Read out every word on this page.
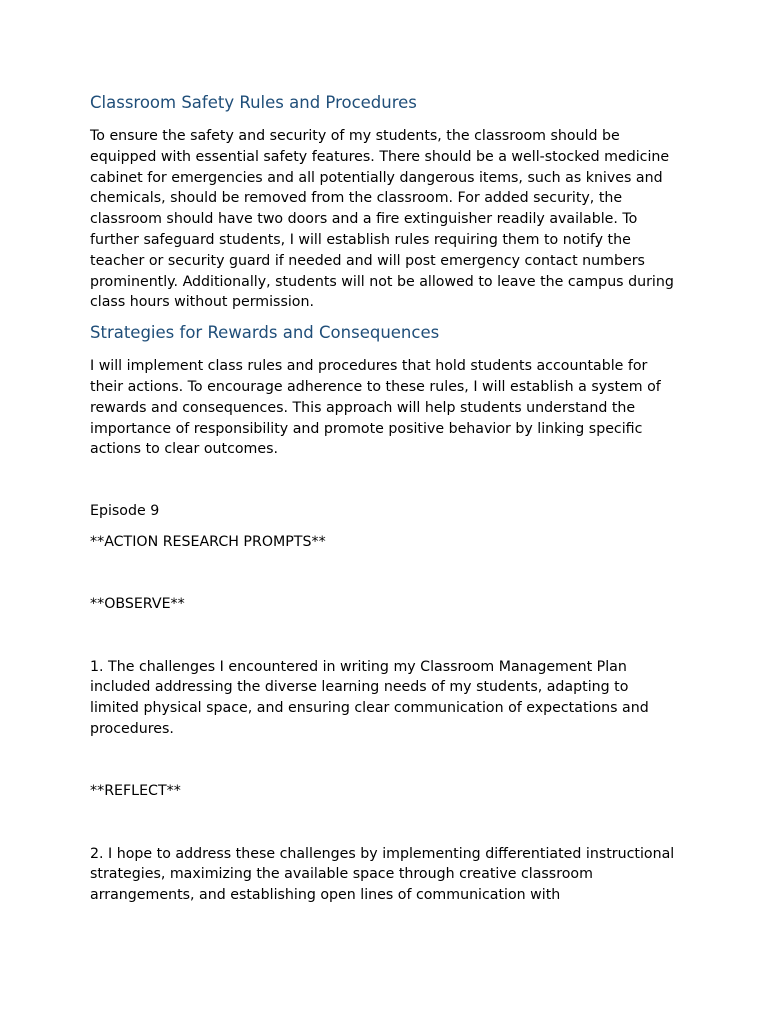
Classroom Safety Rules and Procedures

To ensure the safety and security of my students, the classroom should be equipped with essential safety features. There should be a well-stocked medicine cabinet for emergencies and all potentially dangerous items, such as knives and chemicals, should be removed from the classroom. For added security, the classroom should have two doors and a fire extinguisher readily available. To further safeguard students, I will establish rules requiring them to notify the teacher or security guard if needed and will post emergency contact numbers prominently. Additionally, students will not be allowed to leave the campus during class hours without permission.

Strategies for Rewards and Consequences

I will implement class rules and procedures that hold students accountable for their actions. To encourage adherence to these rules, I will establish a system of rewards and consequences. This approach will help students understand the importance of responsibility and promote positive behavior by linking specific actions to clear outcomes.

Episode 9

**ACTION RESEARCH PROMPTS**

**OBSERVE**

1. The challenges I encountered in writing my Classroom Management Plan included addressing the diverse learning needs of my students, adapting to limited physical space, and ensuring clear communication of expectations and procedures.

**REFLECT**

2. I hope to address these challenges by implementing differentiated instructional strategies, maximizing the available space through creative classroom arrangements, and establishing open lines of communication with
